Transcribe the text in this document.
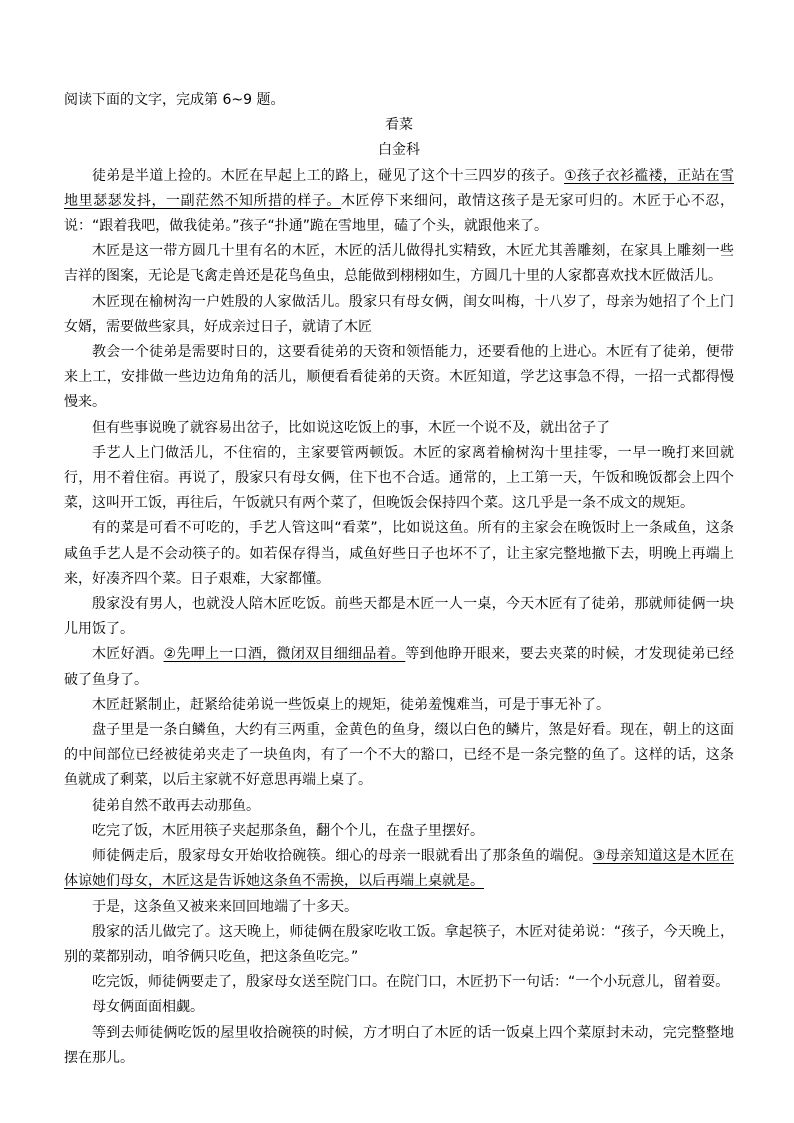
阅读下面的文字，完成第 6~9 题。

看菜

白金科

徒弟是半道上捡的。木匠在早起上工的路上，碰见了这个十三四岁的孩子。①孩子衣衫褴褛，正站在雪地里瑟瑟发抖，一副茫然不知所措的样子。木匠停下来细问，敢情这孩子是无家可归的。木匠于心不忍，说：“跟着我吧，做我徒弟。”孩子“扑通”跪在雪地里，磕了个头，就跟他来了。

木匠是这一带方圆几十里有名的木匠，木匠的活儿做得扎实精致，木匠尤其善雕刻，在家具上雕刻一些吉祥的图案，无论是飞禽走兽还是花鸟鱼虫，总能做到栩栩如生，方圆几十里的人家都喜欢找木匠做活儿。

木匠现在榆树沟一户姓殷的人家做活儿。殷家只有母女俩，闺女叫梅，十八岁了，母亲为她招了个上门女婿，需要做些家具，好成亲过日子，就请了木匠

教会一个徒弟是需要时日的，这要看徒弟的天资和领悟能力，还要看他的上进心。木匠有了徒弟，便带来上工，安排做一些边边角角的活儿，顺便看看徒弟的天资。木匠知道，学艺这事急不得，一招一式都得慢慢来。

但有些事说晚了就容易出岔子，比如说这吃饭上的事，木匠一个说不及，就出岔子了

手艺人上门做活儿，不住宿的，主家要管两顿饭。木匠的家离着榆树沟十里挂零，一早一晚打来回就行，用不着住宿。再说了，殷家只有母女俩，住下也不合适。通常的，上工第一天，午饭和晚饭都会上四个菜，这叫开工饭，再往后，午饭就只有两个菜了，但晚饭会保持四个菜。这几乎是一条不成文的规矩。

有的菜是可看不可吃的，手艺人管这叫“看菜”，比如说这鱼。所有的主家会在晚饭时上一条咸鱼，这条咸鱼手艺人是不会动筷子的。如若保存得当，咸鱼好些日子也坏不了，让主家完整地撤下去，明晚上再端上来，好凑齐四个菜。日子艰难，大家都懂。

殷家没有男人，也就没人陪木匠吃饭。前些天都是木匠一人一桌，今天木匠有了徒弟，那就师徒俩一块儿用饭了。

木匠好酒。②先呷上一口酒，微闭双目细细品着。等到他睁开眼来，要去夹菜的时候，才发现徒弟已经破了鱼身了。

木匠赶紧制止，赶紧给徒弟说一些饭桌上的规矩，徒弟羞愧难当，可是于事无补了。

盘子里是一条白鳞鱼，大约有三两重，金黄色的鱼身，缀以白色的鳞片，煞是好看。现在，朝上的这面的中间部位已经被徒弟夹走了一块鱼肉，有了一个不大的豁口，已经不是一条完整的鱼了。这样的话，这条鱼就成了剩菜，以后主家就不好意思再端上桌了。

徒弟自然不敢再去动那鱼。

吃完了饭，木匠用筷子夹起那条鱼，翻个个儿，在盘子里摆好。

师徒俩走后，殷家母女开始收拾碗筷。细心的母亲一眼就看出了那条鱼的端倪。③母亲知道这是木匠在体谅她们母女，木匠这是告诉她这条鱼不需换，以后再端上桌就是。

于是，这条鱼又被来来回回地端了十多天。

殷家的活儿做完了。这天晚上，师徒俩在殷家吃收工饭。拿起筷子，木匠对徒弟说：“孩子，今天晚上，别的菜都别动，咱爷俩只吃鱼，把这条鱼吃完。”

吃完饭，师徒俩要走了，殷家母女送至院门口。在院门口，木匠扔下一句话：“一个小玩意儿，留着耍。

母女俩面面相觑。

等到去师徒俩吃饭的屋里收拾碗筷的时候，方才明白了木匠的话一饭桌上四个菜原封未动，完完整整地摆在那儿。
